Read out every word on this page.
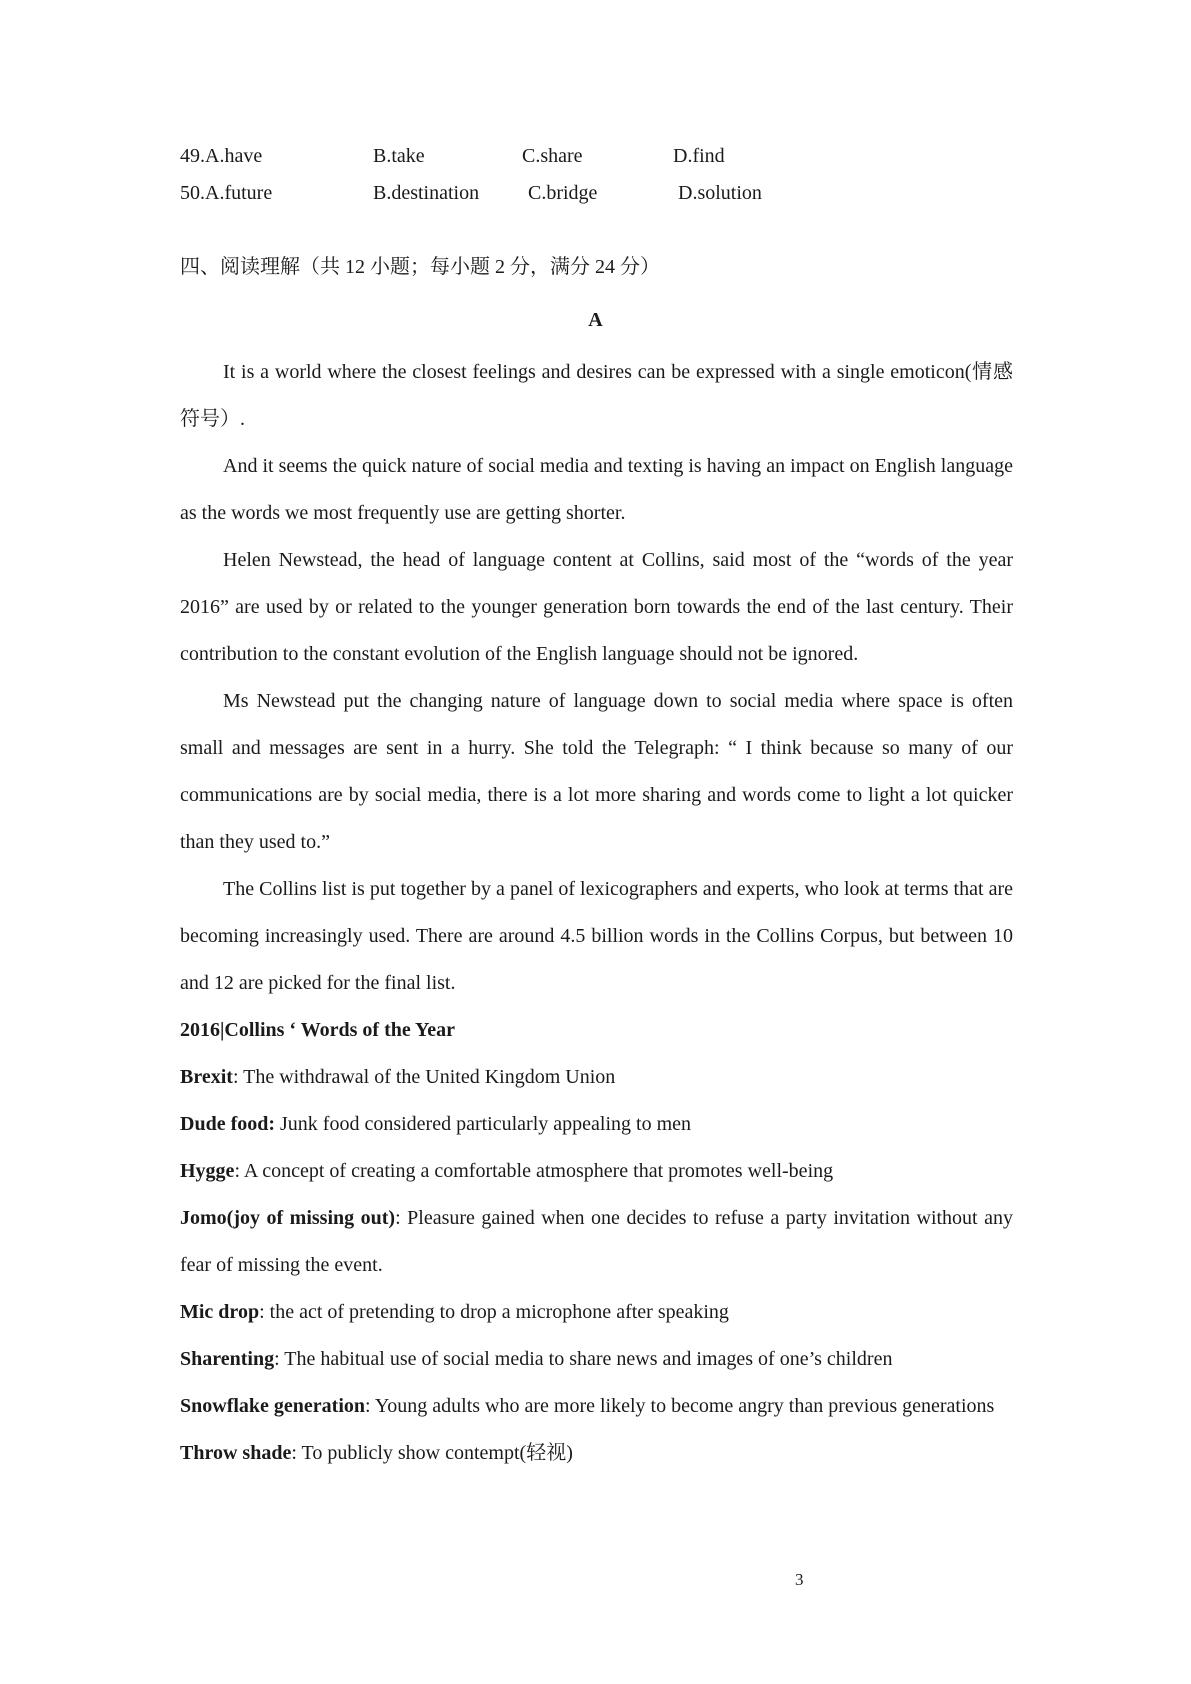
49.A.have	B.take	C.share	D.find
50.A.future	B.destination C.bridge	D.solution
四、阅读理解（共 12 小题；每小题 2 分，满分 24 分）
A

It is a world where the closest feelings and desires can be expressed with a single emoticon(情感符号）.

And it seems the quick nature of social media and texting is having an impact on English language as the words we most frequently use are getting shorter.

Helen Newstead, the head of language content at Collins, said most of the “words of the year 2016” are used by or related to the younger generation born towards the end of the last century. Their contribution to the constant evolution of the English language should not be ignored.

Ms Newstead put the changing nature of language down to social media where space is often small and messages are sent in a hurry. She told the Telegraph: “ I think because so many of our communications are by social media, there is a lot more sharing and words come to light a lot quicker than they used to.”

The Collins list is put together by a panel of lexicographers and experts, who look at terms that are becoming increasingly used. There are around 4.5 billion words in the Collins Corpus, but between 10 and 12 are picked for the final list.

2016|Collins ‘ Words of the Year

Brexit: The withdrawal of the United Kingdom Union

Dude food: Junk food considered particularly appealing to men

Hygge: A concept of creating a comfortable atmosphere that promotes well-being

Jomo(joy of missing out): Pleasure gained when one decides to refuse a party invitation without any fear of missing the event.

Mic drop: the act of pretending to drop a microphone after speaking

Sharenting: The habitual use of social media to share news and images of one’s children

Snowflake generation: Young adults who are more likely to become angry than previous generations

Throw shade: To publicly show contempt(轻视)

3
